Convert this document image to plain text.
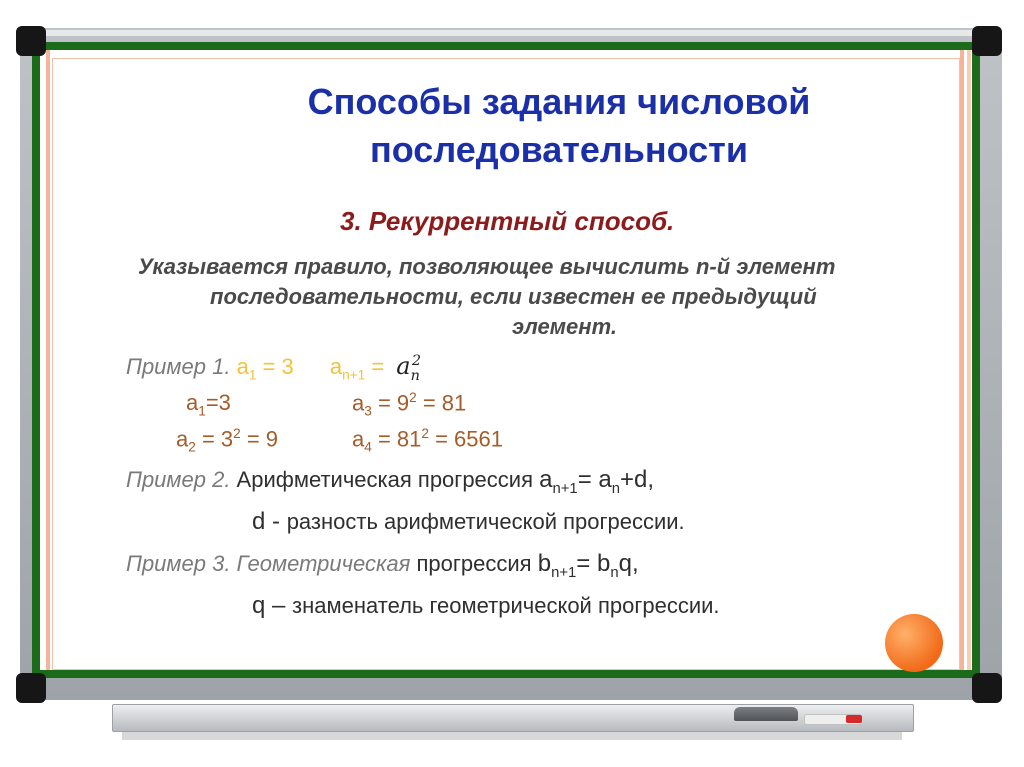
Способы задания числовой

последовательности

3. Рекуррентный способ.

Указывается правило, позволяющее вычислить n-й элемент

последовательности, если известен ее предыдущий

элемент.

Пример 1. $a_1 = 3$ $a_{n+1} = a_n^2$

$a_1=3$	$a_3 = 9^2 = 81$

$a_2 = 3^2 = 9$	$a_4 = 81^2 = 6561$

Пример 2. Арифметическая прогрессия $a_{n+1}= a_n+d$,

d - разность арифметической прогрессии.

Пример 3. Геометрическая прогрессия $b_{n+1}= b_nq$,

q – знаменатель геометрической прогрессии.
